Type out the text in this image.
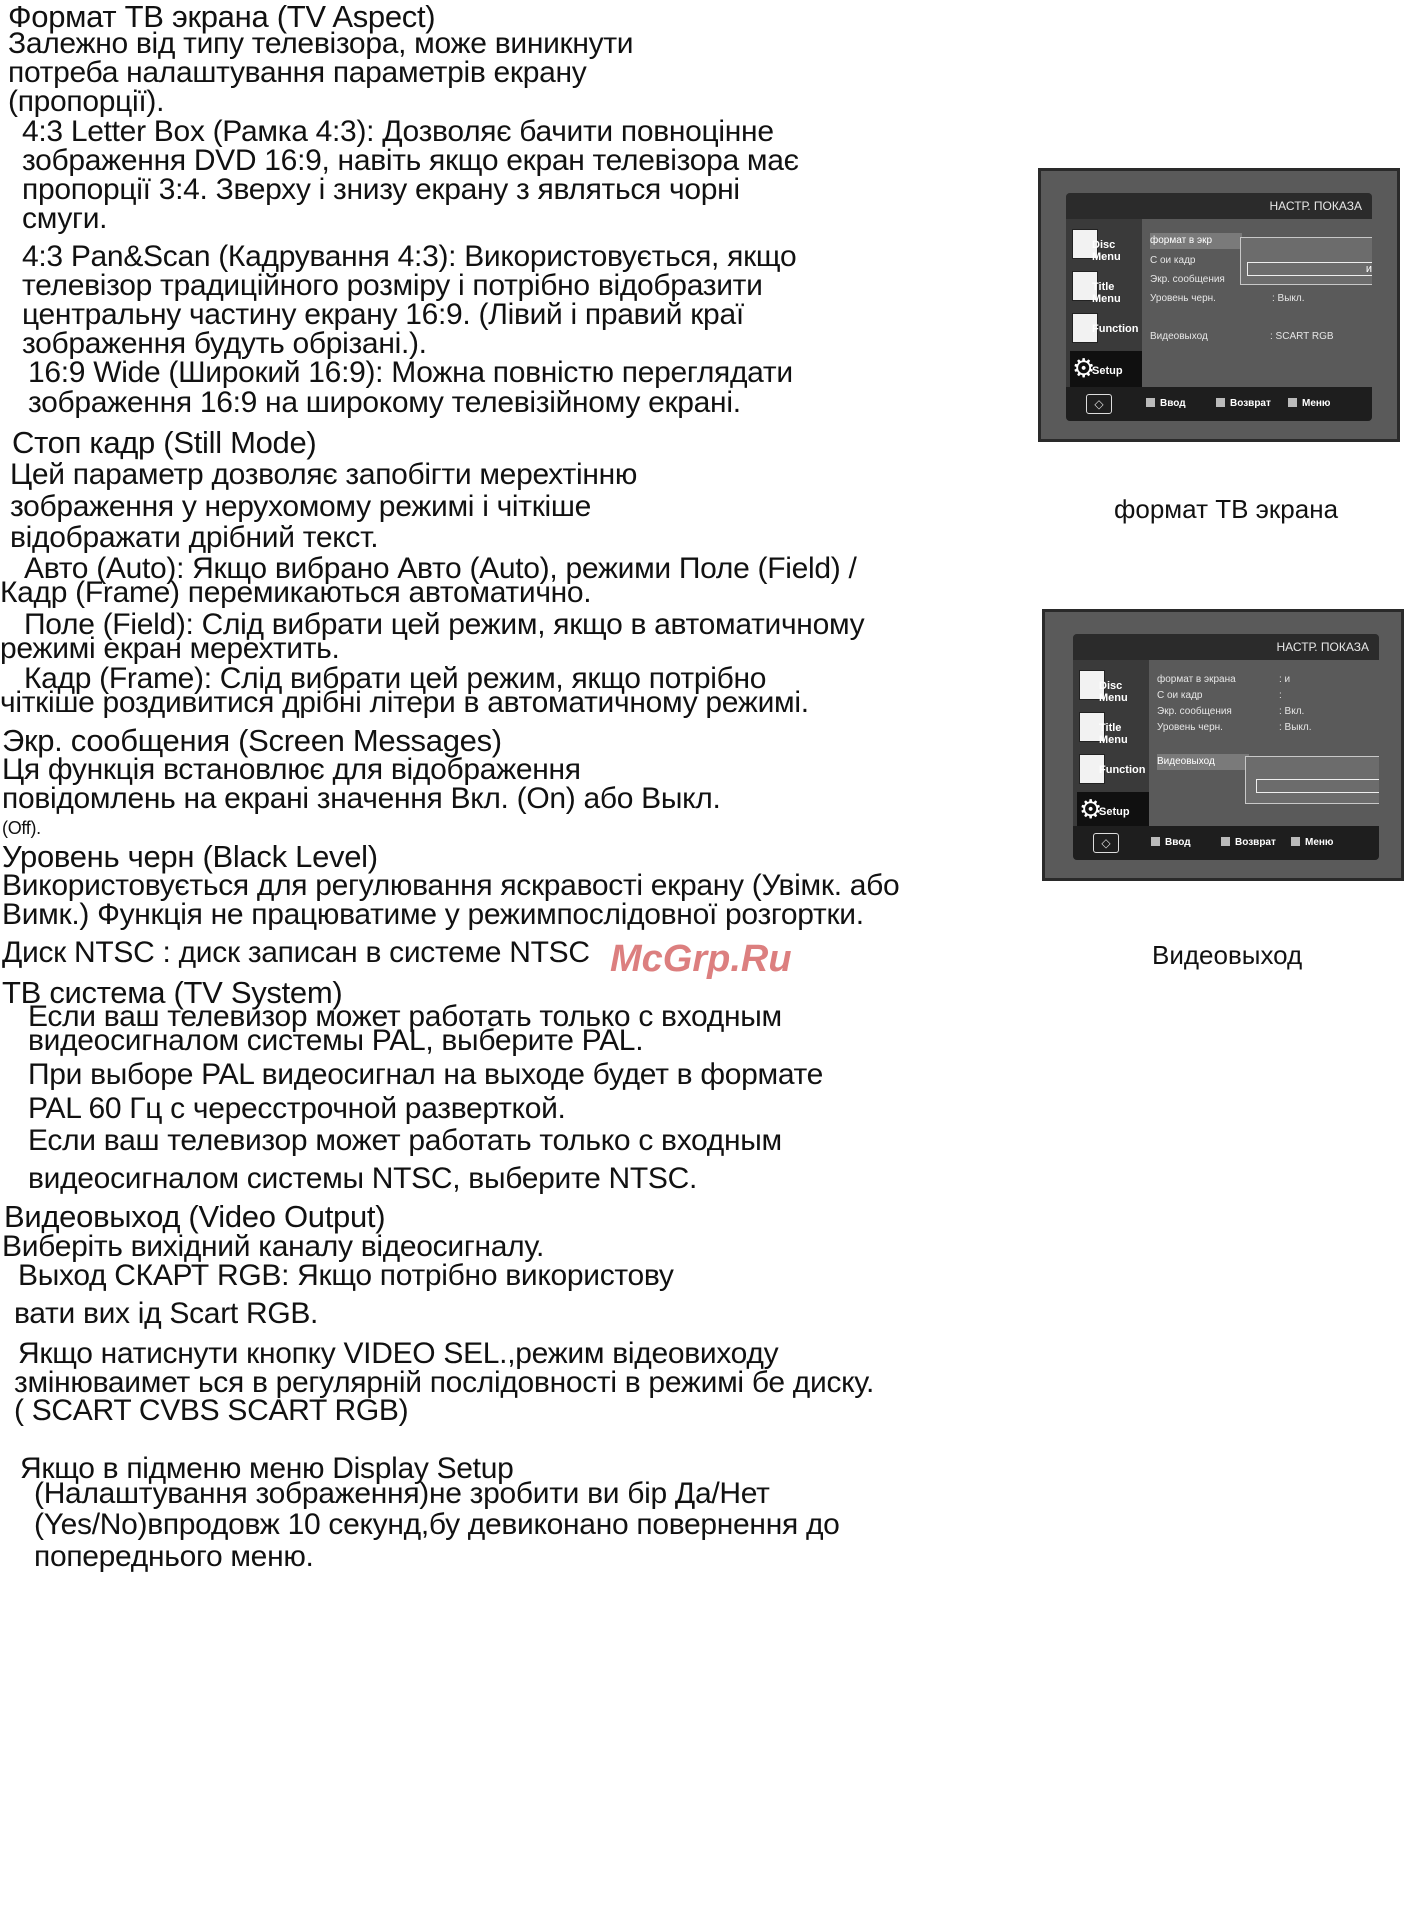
Формат ТВ экрана (TV Aspect)
Залежно від типу телевізора, може виникнути
потреба налаштування параметрів екрану
(пропорції).
4:3 Letter Box (Рамка 4:3): Дозволяє бачити повноцінне
зображення DVD 16:9, навіть якщо екран телевізора має
пропорції 3:4. Зверху і знизу екрану з являться чорні
смуги.
4:3 Pan&Scan (Кадрування 4:3): Використовується, якщо
телевізор традиційного розміру і потрібно відобразити
центральну частину екрану 16:9. (Лівий і правий краї
зображення будуть обрізані.).
16:9 Wide (Широкий 16:9): Можна повністю переглядати
зображення 16:9 на широкому телевізійному екрані.
Стоп кадр (Still Mode)
Цей параметр дозволяє запобігти мерехтінню
зображення у нерухомому режимі і чіткіше
відображати дрібний текст.
Авто (Auto): Якщо вибрано Авто (Auto), режими Поле (Field) /
Кадр (Frame) перемикаються автоматично.
Поле (Field): Слід вибрати цей режим, якщо в автоматичному
режимі екран мерехтить.
Кадр (Frame): Слід вибрати цей режим, якщо потрібно
чіткіше роздивитися дрібні літери в автоматичному режимі.
Экр. сообщения (Screen Messages)
Ця функція встановлює для відображення
повідомлень на екрані значення Вкл. (On) або Выкл.
(Off).
Уровень черн (Black Level)
Використовується для регулювання яскравості екрану (Увімк. або
Вимк.) Функція не працюватиме у режимпослідовної розгортки.
Диск NTSC : диск записан в системе NTSC
ТВ система (TV System)
Если ваш телевизор может работать только с входным
видеосигналом системы PAL, выберите PAL.
При выборе PAL видеосигнал на выходе будет в формате
PAL 60 Гц с чересстрочной разверткой.
Если ваш телевизор может работать только с входным
видеосигналом системы NTSC, выберите NTSC.
Видеовыход (Video Output)
Виберіть вихідний каналу відеосигналу.
Выход СКАРТ RGB: Якщо потрібно використову
вати вих ід Scart RGB.
Якщо натиснути кнопку VIDEO SEL.,режим відеовиходу
змінюваимет ься в регулярній послідовності в режимі бе диску.
( SCART CVBS SCART RGB)
Якщо в підменю меню Display Setup
(Налаштування зображення)не зробити ви бір Да/Нет
(Yes/No)впродовж 10 секунд,бу девиконано повернення до
попереднього меню.
McGrp.Ru
НАСТР. ПОКАЗА
Disc Menu
Title Menu
Function
⚙
Setup
формат в экр
С ои кадр
Экр. сообщения
Уровень черн.	: Выкл.
Видеовыход	: SCART RGB
и
◇	Ввод	Возврат	Меню
формат ТВ экрана
НАСТР. ПОКАЗА
Disc Menu
Title Menu
Function
⚙
Setup
формат в экрана	: и
С ои кадр	:
Экр. сообщения	: Вкл.
Уровень черн.	: Выкл.
Видеовыход
◇	Ввод	Возврат	Меню
Видеовыход
